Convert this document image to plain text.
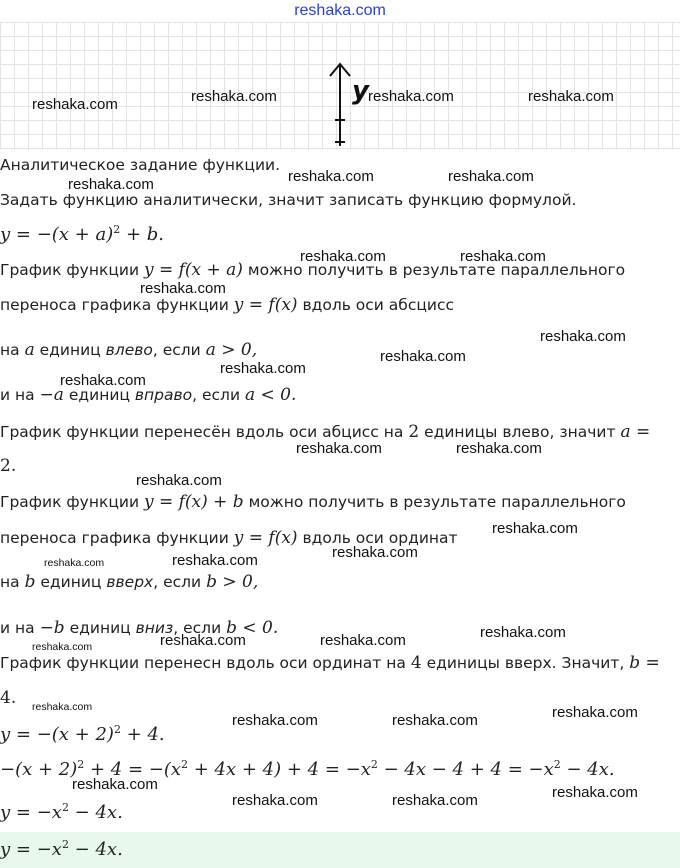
reshaka.com
y
Аналитическое задание функции.
Задать функцию аналитически, значит записать функцию формулой.
$y = -(x + a)^2 + b$.
График функции y = f(x + a) можно получить в результате параллельного
переноса графика функции y = f(x) вдоль оси абсцисс
на a единиц влево, если a > 0,
и на −a единиц вправо, если a < 0.
График функции перенесён вдоль оси абцисс на 2 единицы влево, значит a =
2.
График функции y = f(x) + b можно получить в результате параллельного
переноса графика функции y = f(x) вдоль оси ординат
на b единиц вверх, если b > 0,
и на −b единиц вниз, если b < 0.
График функции перенесн вдоль оси ординат на 4 единицы вверх. Значит, b =
4.
$y = -(x + 2)^2 + 4$.
$-(x + 2)^2 + 4 = -(x^2 + 4x + 4) + 4 = -x^2 - 4x - 4 + 4 = -x^2 - 4x$.
$y = -x^2 - 4x$.
$y = -x^2 - 4x$.
reshaka.com	reshaka.com	reshaka.com	reshaka.com
reshaka.com	reshaka.com	reshaka.com
reshaka.com	reshaka.com
reshaka.com
reshaka.com
reshaka.com
reshaka.com
reshaka.com
reshaka.com	reshaka.com
reshaka.com
reshaka.com
reshaka.com
reshaka.com	reshaka.com
reshaka.com
reshaka.com	reshaka.com	reshaka.com
reshaka.com
reshaka.com	reshaka.com	reshaka.com
reshaka.com
reshaka.com	reshaka.com	reshaka.com
